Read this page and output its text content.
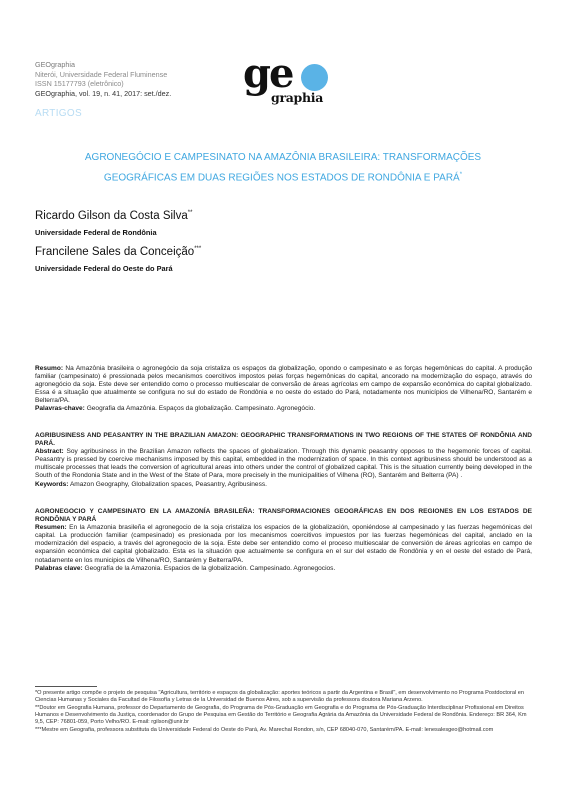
GEOgraphia
Niterói, Universidade Federal Fluminense
ISSN 15177793 (eletrônico)
GEOgraphia, vol. 19, n. 41, 2017: set./dez. ge
graphia
ARTIGOS
AGRONEGÓCIO E CAMPESINATO NA AMAZÔNIA BRASILEIRA: TRANSFORMAÇÕES
GEOGRÁFICAS EM DUAS REGIÕES NOS ESTADOS DE RONDÔNIA E PARÁ*
Ricardo Gilson da Costa Silva**
Universidade Federal de Rondônia
Francilene Sales da Conceição***
Universidade Federal do Oeste do Pará
Resumo: Na Amazônia brasileira o agronegócio da soja cristaliza os espaços da globalização, opondo o campesinato e as forças hegemônicas do capital. A produção familiar (campesinato) é pressionada pelos mecanismos coercitivos impostos pelas forças hegemônicas do capital, ancorado na modernização do espaço, através do agronegócio da soja. Este deve ser entendido como o processo multiescalar de conversão de áreas agrícolas em campo de expansão econômica do capital globalizado. Essa é a situação que atualmente se configura no sul do estado de Rondônia e no oeste do estado do Pará, notadamente nos municípios de Vilhena/RO, Santarém e Belterra/PA.
Palavras-chave: Geografia da Amazônia. Espaços da globalização. Campesinato. Agronegócio.
AGRIBUSINESS AND PEASANTRY IN THE BRAZILIAN AMAZON: GEOGRAPHIC TRANSFORMATIONS IN TWO REGIONS OF THE STATES OF RONDÔNIA AND PARÁ.
Abstract: Soy agribusiness in the Brazilian Amazon reflects the spaces of globalization. Through this dynamic peasantry opposes to the hegemonic forces of capital. Peasantry is pressed by coercive mechanisms imposed by this capital, embedded in the modernization of space. In this context agribusiness should be understood as a multiscale processes that leads the conversion of agricultural areas into others under the control of globalized capital. This is the situation currently being developed in the South of the Rondonia State and in the West of the State of Para, more precisely in the municipalities of Vilhena (RO), Santarém and Belterra (PA) .
Keywords: Amazon Geography, Globalization spaces, Peasantry, Agribusiness.
AGRONEGOCIO Y CAMPESINATO EN LA AMAZONÍA BRASILEÑA: TRANSFORMACIONES GEOGRÁFICAS EN DOS REGIONES EN LOS ESTADOS DE RONDÔNIA Y PARÁ
Resumen: En la Amazonia brasileña el agronegocio de la soja cristaliza los espacios de la globalización, oponiéndose al campesinado y las fuerzas hegemónicas del capital. La producción familiar (campesinado) es presionada por los mecanismos coercitivos impuestos por las fuerzas hegemónicas del capital, anclado en la modernización del espacio, a través del agronegocio de la soja. Este debe ser entendido como el proceso multiescalar de conversión de áreas agrícolas en campo de expansión económica del capital globalizado. Esta es la situación que actualmente se configura en el sur del estado de Rondônia y en el oeste del estado de Pará, notadamente en los municipios de Vilhena/RO, Santarém y Belterra/PA.
Palabras clave: Geografía de la Amazonia. Espacios de la globalización. Campesinado. Agronegocios.

*O presente artigo compõe o projeto de pesquisa "Agricultura, território e espaços da globalização: aportes teóricos a partir da Argentina e Brasil", em desenvolvimento no Programa Postdoctoral en Ciencias Humanas y Sociales da Facultad de Filosofía y Letras de la Universidad de Buenos Aires, sob a supervisão da professora doutora Mariana Arzeno.

**Doutor em Geografia Humana, professor do Departamento de Geografia, do Programa de Pós-Graduação em Geografia e do Programa de Pós-Graduação Interdisciplinar Profissional em Direitos Humanos e Desenvolvimento da Justiça, coordenador do Grupo de Pesquisa em Gestão do Território e Geografia Agrária da Amazônia da Universidade Federal de Rondônia. Endereço: BR 364, Km 9,5, CEP: 76801-059, Porto Velho/RO. E-mail: rgilson@unir.br

***Mestre em Geografia, professora substituta da Universidade Federal do Oeste do Pará, Av. Marechal Rondon, s/n, CEP 68040-070, Santarém/PA. E-mail: lenesalesgeo@hotmail.com
